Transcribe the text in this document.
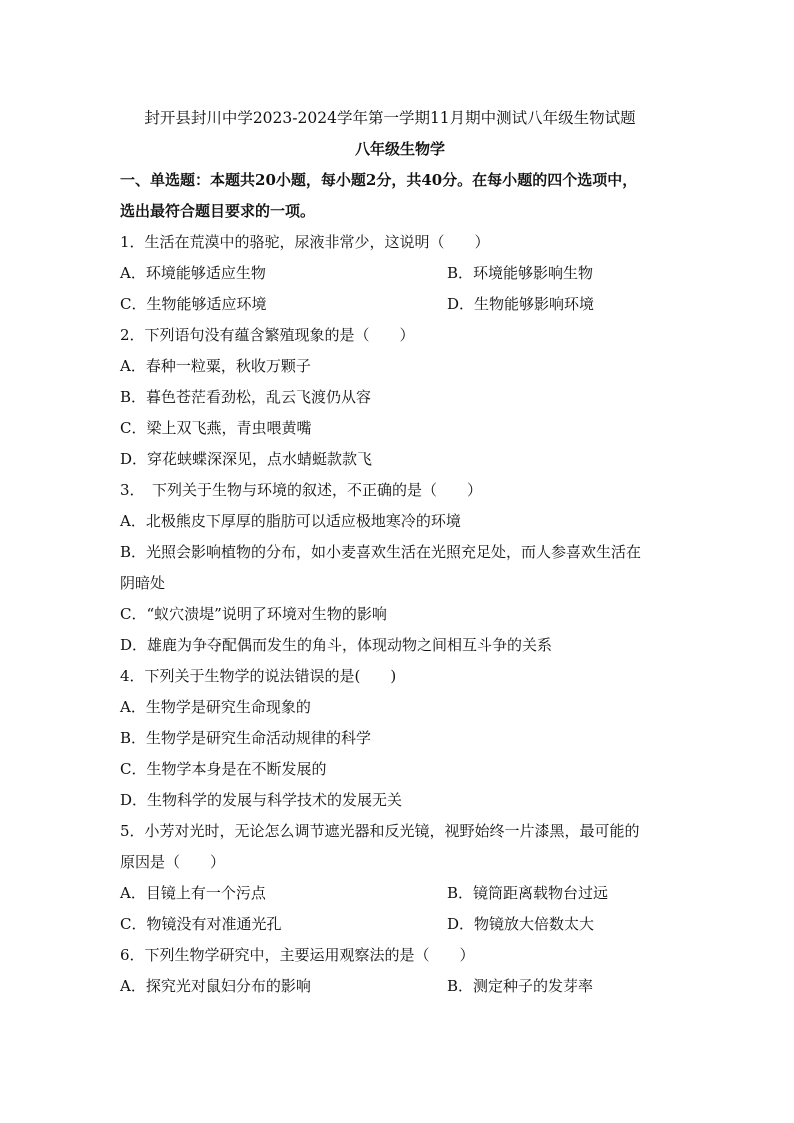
封开县封川中学2023-2024学年第一学期11月期中测试八年级生物试题
八年级生物学
一、单选题：本题共20小题，每小题2分，共40分。在每小题的四个选项中，
选出最符合题目要求的一项。
1．生活在荒漠中的骆驼，尿液非常少，这说明（　　）
A．环境能够适应生物	B．环境能够影响生物
C．生物能够适应环境	D．生物能够影响环境
2．下列语句没有蕴含繁殖现象的是（　　）
A．春种一粒粟，秋收万颗子
B．暮色苍茫看劲松，乱云飞渡仍从容
C．梁上双飞燕，青虫喂黄嘴
D．穿花蛱蝶深深见，点水蜻蜓款款飞
3．　下列关于生物与环境的叙述，不正确的是（　　）
A．北极熊皮下厚厚的脂肪可以适应极地寒冷的环境
B．光照会影响植物的分布，如小麦喜欢生活在光照充足处，而人参喜欢生活在
阴暗处
C．“蚁穴溃堤”说明了环境对生物的影响
D．雄鹿为争夺配偶而发生的角斗，体现动物之间相互斗争的关系
4．下列关于生物学的说法错误的是(　　)
A．生物学是研究生命现象的
B．生物学是研究生命活动规律的科学
C．生物学本身是在不断发展的
D．生物科学的发展与科学技术的发展无关
5．小芳对光时，无论怎么调节遮光器和反光镜，视野始终一片漆黑，最可能的
原因是（　　）
A．目镜上有一个污点	B．镜筒距离载物台过远
C．物镜没有对准通光孔	D．物镜放大倍数太大
6．下列生物学研究中，主要运用观察法的是（　　）
A．探究光对鼠妇分布的影响	B．测定种子的发芽率
